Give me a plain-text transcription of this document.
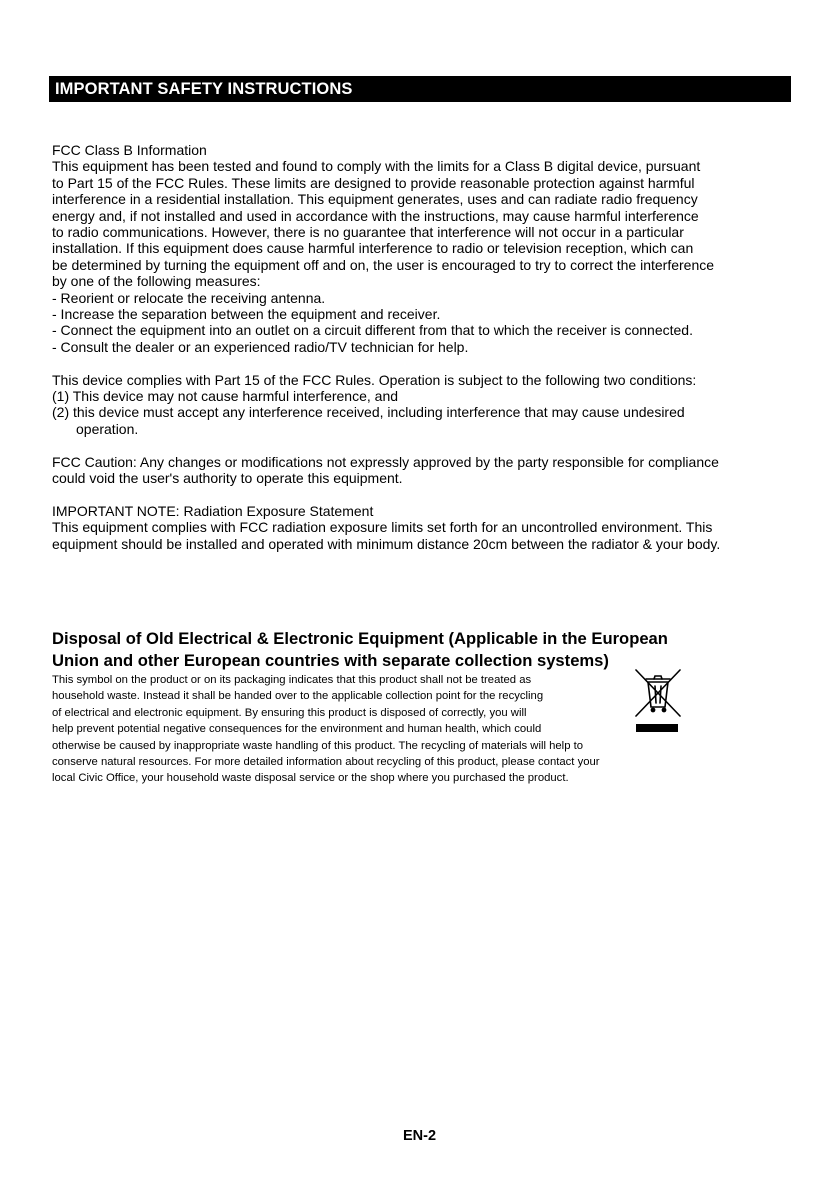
IMPORTANT SAFETY INSTRUCTIONS

FCC Class B Information

This equipment has been tested and found to comply with the limits for a Class B digital device, pursuant

to Part 15 of the FCC Rules. These limits are designed to provide reasonable protection against harmful

interference in a residential installation. This equipment generates, uses and can radiate radio frequency

energy and, if not installed and used in accordance with the instructions, may cause harmful interference

to radio communications. However, there is no guarantee that interference will not occur in a particular

installation. If this equipment does cause harmful interference to radio or television reception, which can

be determined by turning the equipment off and on, the user is encouraged to try to correct the interference

by one of the following measures:

- Reorient or relocate the receiving antenna.

- Increase the separation between the equipment and receiver.

- Connect the equipment into an outlet on a circuit different from that to which the receiver is connected.

- Consult the dealer or an experienced radio/TV technician for help.

This device complies with Part 15 of the FCC Rules. Operation is subject to the following two conditions:

(1) This device may not cause harmful interference, and

(2) this device must accept any interference received, including interference that may cause undesired

operation.

FCC Caution: Any changes or modifications not expressly approved by the party responsible for compliance

could void the user's authority to operate this equipment.

IMPORTANT NOTE: Radiation Exposure Statement

This equipment complies with FCC radiation exposure limits set forth for an uncontrolled environment. This

equipment should be installed and operated with minimum distance 20cm between the radiator & your body.

Disposal of Old Electrical & Electronic Equipment (Applicable in the European
Union and other European countries with separate collection systems)

This symbol on the product or on its packaging indicates that this product shall not be treated as

household waste. Instead it shall be handed over to the applicable collection point for the recycling

of electrical and electronic equipment. By ensuring this product is disposed of correctly, you will

help prevent potential negative consequences for the environment and human health, which could

otherwise be caused by inappropriate waste handling of this product. The recycling of materials will help to

conserve natural resources. For more detailed information about recycling of this product, please contact your

local Civic Office, your household waste disposal service or the shop where you purchased the product.

EN-2
